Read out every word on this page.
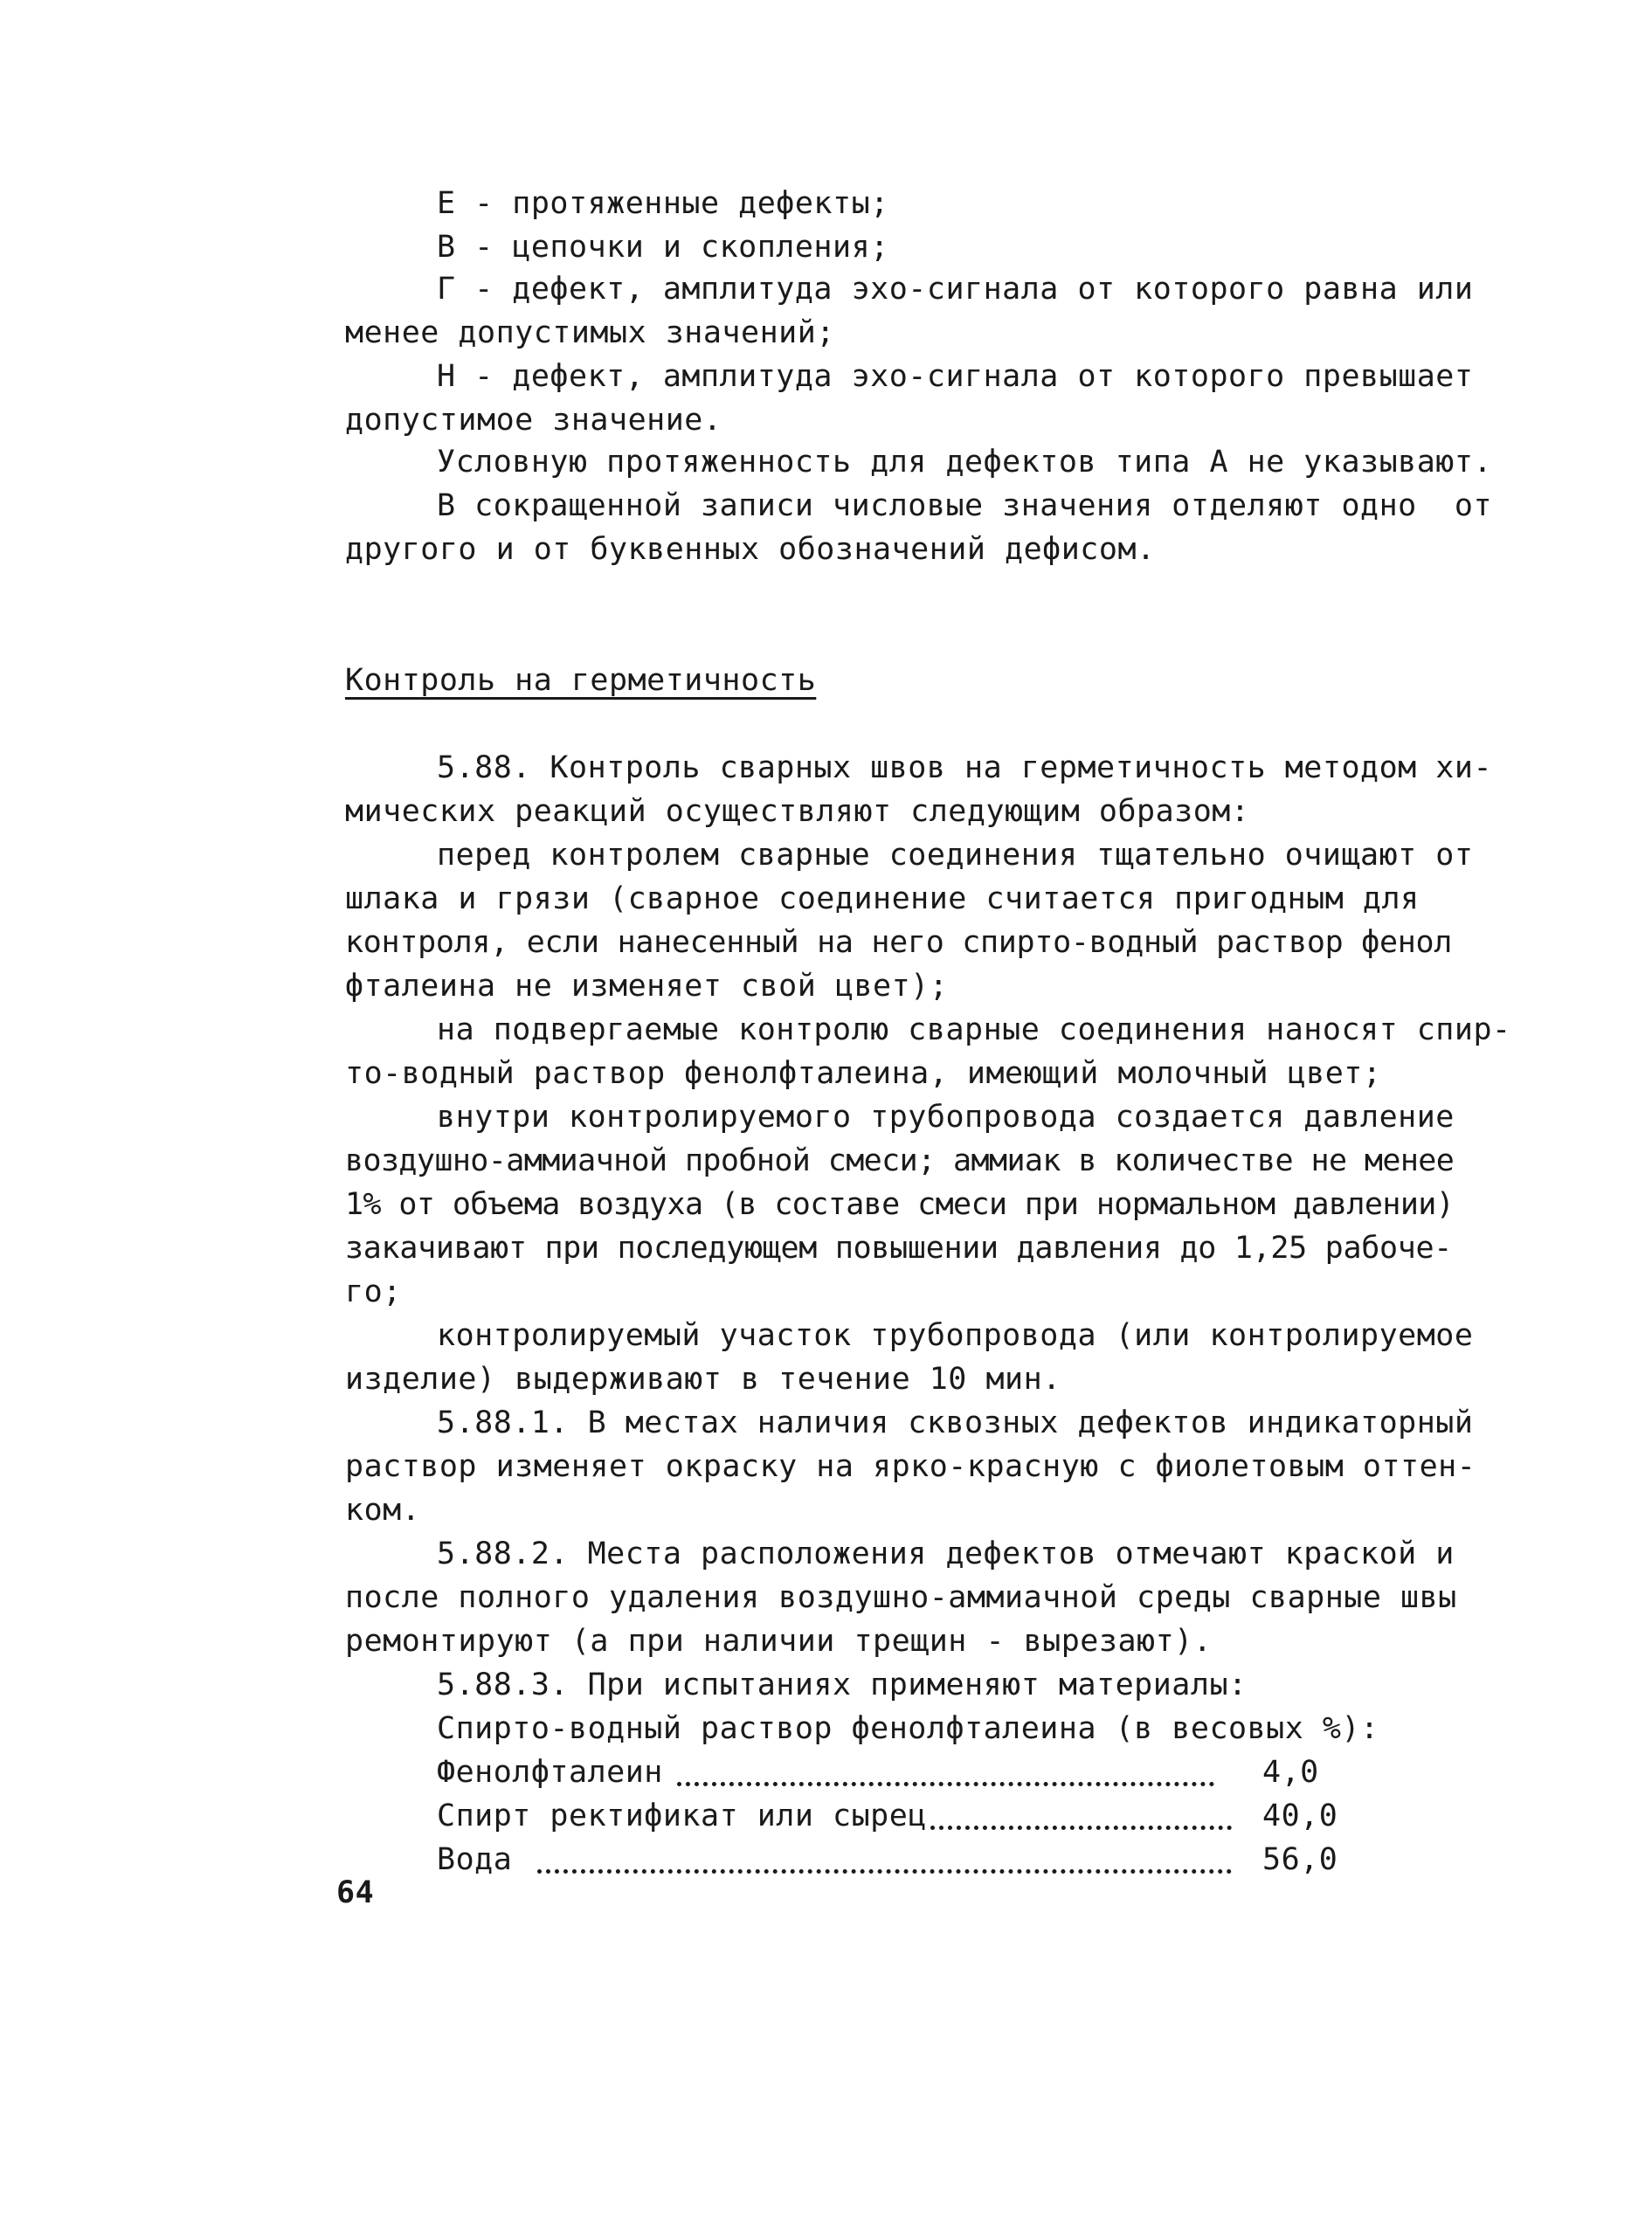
Е - протяженные дефекты;
В - цепочки и скопления;
Г - дефект, амплитуда эхо-сигнала от которого равна или
менее допустимых значений;
Н - дефект, амплитуда эхо-сигнала от которого превышает
допустимое значение.
Условную протяженность для дефектов типа А не указывают.
В сокращенной записи числовые значения отделяют одно  от
другого и от буквенных обозначений дефисом.
Контроль на герметичность
5.88. Контроль сварных швов на герметичность методом хи-
мических реакций осуществляют следующим образом:
перед контролем сварные соединения тщательно очищают от
шлака и грязи (сварное соединение считается пригодным для
контроля, если нанесенный на него спирто-водный раствор фенол
фталеина не изменяет свой цвет);
на подвергаемые контролю сварные соединения наносят спир-
то-водный раствор фенолфталеина, имеющий молочный цвет;
внутри контролируемого трубопровода создается давление
воздушно-аммиачной пробной смеси; аммиак в количестве не менее
1% от объема воздуха (в составе смеси при нормальном давлении)
закачивают при последующем повышении давления до 1,25 рабоче-
го;
контролируемый участок трубопровода (или контролируемое
изделие) выдерживают в течение 10 мин.
5.88.1. В местах наличия сквозных дефектов индикаторный
раствор изменяет окраску на ярко-красную с фиолетовым оттен-
ком.
5.88.2. Места расположения дефектов отмечают краской и
после полного удаления воздушно-аммиачной среды сварные швы
ремонтируют (а при наличии трещин - вырезают).
5.88.3. При испытаниях применяют материалы:
Спирто-водный раствор фенолфталеина (в весовых %):
Фенолфталеин	4,0
Спирт ректификат или сырец	40,0
Вода	56,0
64
